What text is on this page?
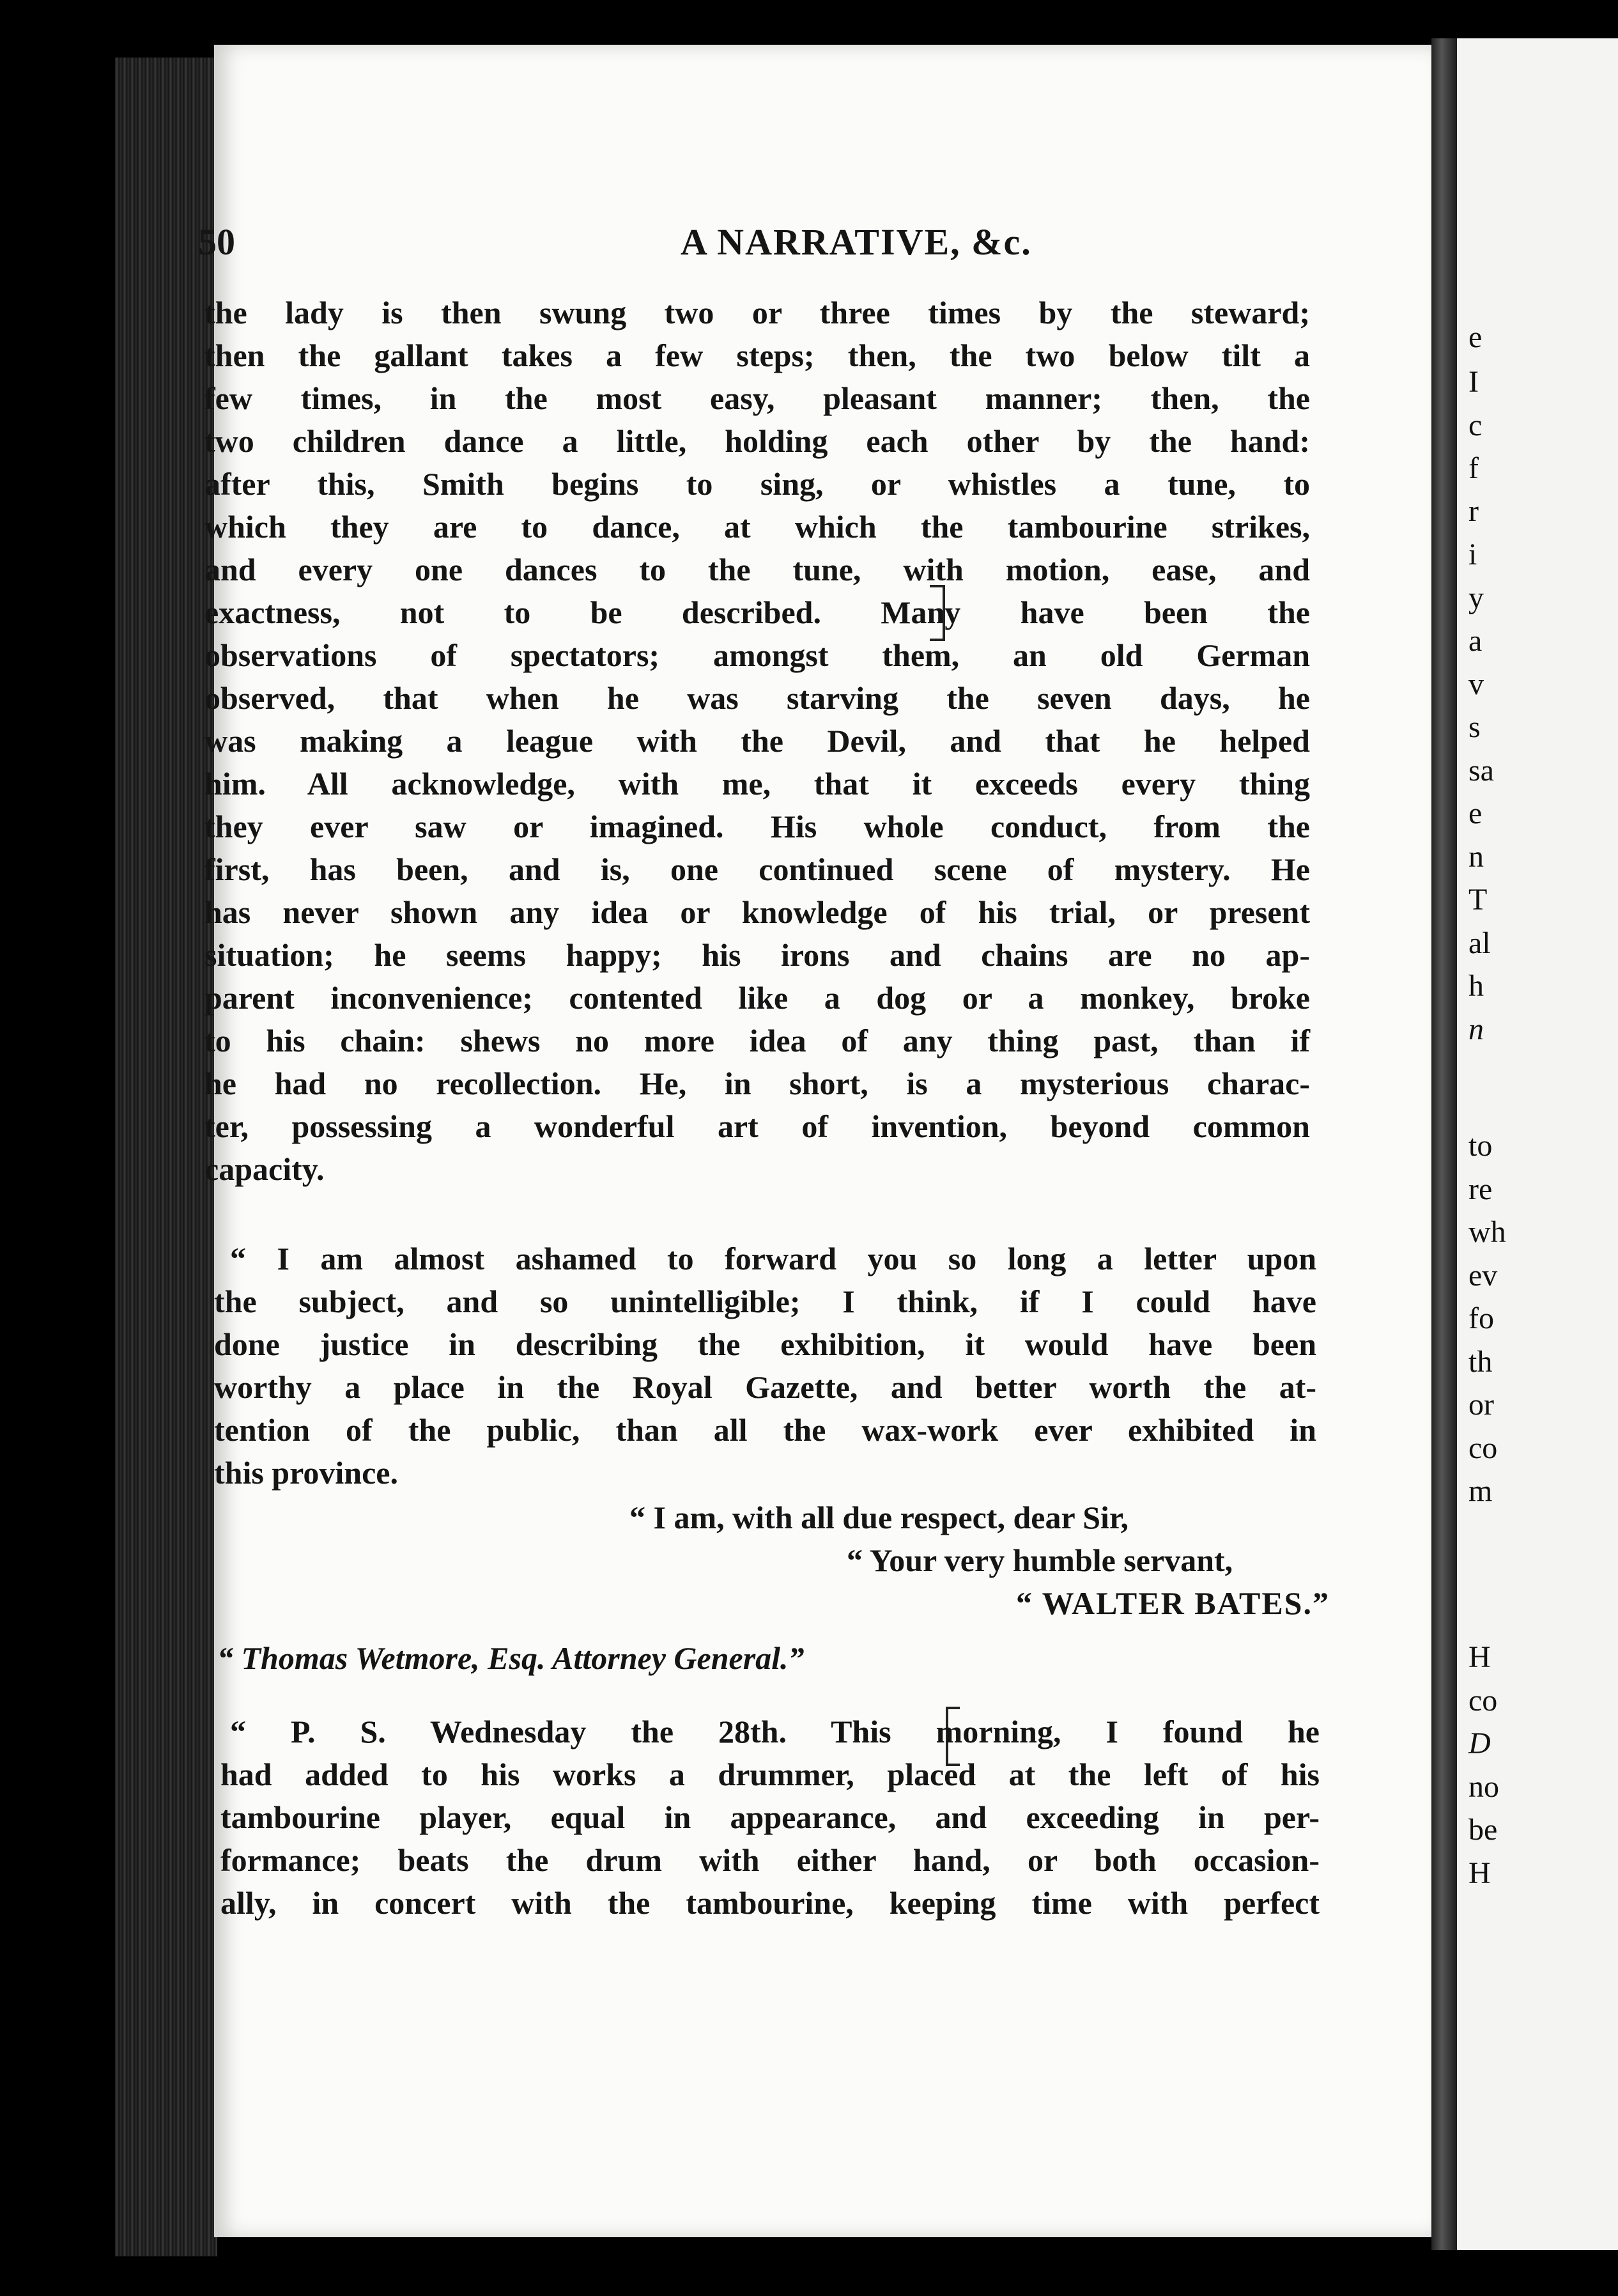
50	A NARRATIVE, &c.
the lady is then swung two or three times by the steward;
then the gallant takes a few steps; then, the two below tilt a
few times, in the most easy, pleasant manner; then, the
two children dance a little, holding each other by the hand:
after this, Smith begins to sing, or whistles a tune, to
which they are to dance, at which the tambourine strikes,
and every one dances to the tune, with motion, ease, and
exactness, not to be described. Many have been the
observations of spectators; amongst them, an old German
observed, that when he was starving the seven days, he
was making a league with the Devil, and that he helped
him. All acknowledge, with me, that it exceeds every thing
they ever saw or imagined. His whole conduct, from the
first, has been, and is, one continued scene of mystery. He
has never shown any idea or knowledge of his trial, or present
situation; he seems happy; his irons and chains are no ap-
parent inconvenience; contented like a dog or a monkey, broke
to his chain: shews no more idea of any thing past, than if
he had no recollection. He, in short, is a mysterious charac-
ter, possessing a wonderful art of invention, beyond common
capacity.
“ I am almost ashamed to forward you so long a letter upon
the subject, and so unintelligible; I think, if I could have
done justice in describing the exhibition, it would have been
worthy a place in the Royal Gazette, and better worth the at-
tention of the public, than all the wax-work ever exhibited in
this province.
“ I am, with all due respect, dear Sir,
“ Your very humble servant,
“ WALTER BATES.”
“ Thomas Wetmore, Esq. Attorney General.”
“ P. S. Wednesday the 28th. This morning, I found he
had added to his works a drummer, placed at the left of his
tambourine player, equal in appearance, and exceeding in per-
formance; beats the drum with either hand, or both occasion-
ally, in concert with the tambourine, keeping time with perfect
e
I
c
f
r
i
y
a
v
s
sa
e
n
T
al
h
n
to
re
wh
ev
fo
th
or
co
m
H
co
D
no
be
H
